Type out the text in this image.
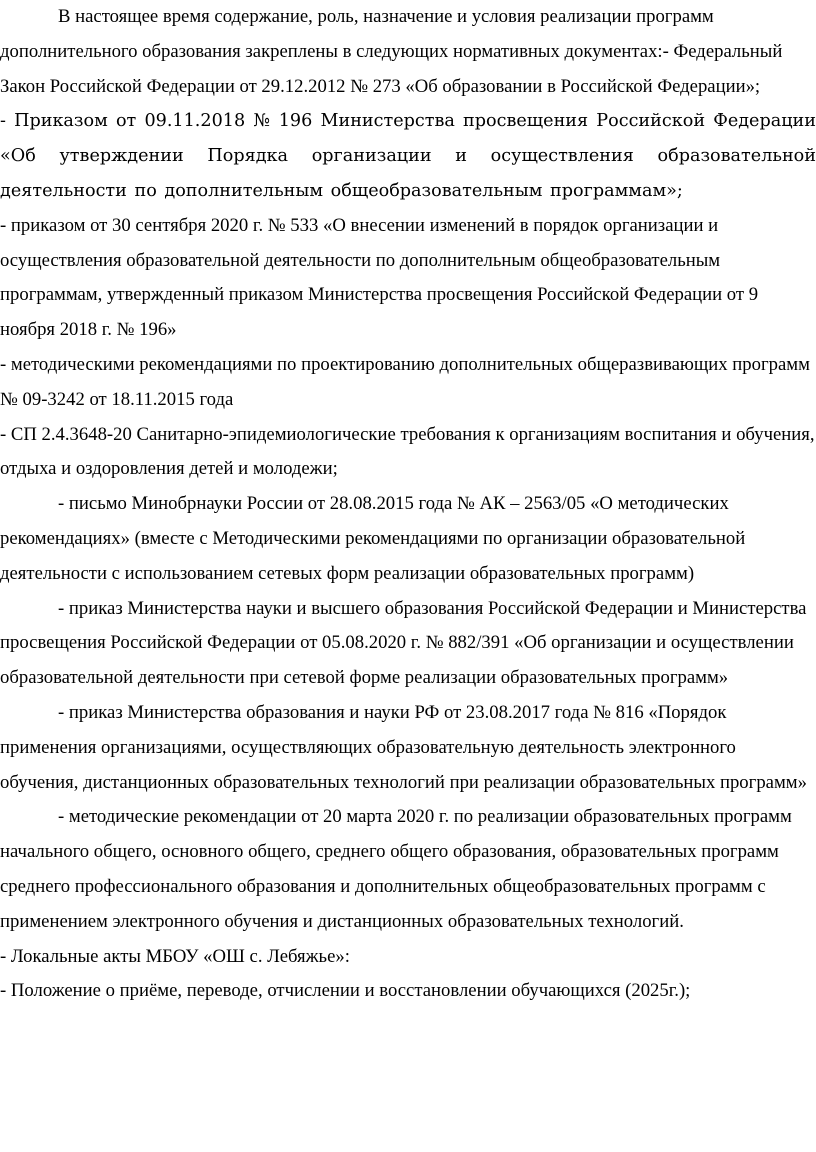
В настоящее время содержание, роль, назначение и условия реализации программ дополнительного образования закреплены в следующих нормативных документах:- Федеральный Закон Российской Федерации от 29.12.2012 № 273 «Об образовании в Российской Федерации»;

- Приказом от 09.11.2018 № 196 Министерства просвещения Российской Федерации «Об утверждении Порядка организации и осуществления образовательной деятельности по дополнительным общеобразовательным программам»;

- приказом от 30 сентября 2020 г. № 533 «О внесении изменений в порядок организации и осуществления образовательной деятельности по дополнительным общеобразовательным программам, утвержденный приказом Министерства просвещения Российской Федерации от 9 ноября 2018 г. № 196»

- методическими рекомендациями по проектированию дополнительных общеразвивающих программ № 09-3242 от 18.11.2015 года

- СП 2.4.3648-20 Санитарно-эпидемиологические требования к организациям воспитания и обучения, отдыха и оздоровления детей и молодежи;

- письмо Минобрнауки России от 28.08.2015 года № АК – 2563/05 «О методических рекомендациях» (вместе с Методическими рекомендациями по организации образовательной деятельности с использованием сетевых форм реализации образовательных программ)

- приказ Министерства науки и высшего образования Российской Федерации и Министерства просвещения Российской Федерации от 05.08.2020 г. № 882/391 «Об организации и осуществлении образовательной деятельности при сетевой форме реализации образовательных программ»

- приказ Министерства образования и науки РФ от 23.08.2017 года № 816 «Порядок применения организациями, осуществляющих образовательную деятельность электронного обучения, дистанционных образовательных технологий при реализации образовательных программ»

- методические рекомендации от 20 марта 2020 г. по реализации образовательных программ начального общего, основного общего, среднего общего образования, образовательных программ среднего профессионального образования и дополнительных общеобразовательных программ с применением электронного обучения и дистанционных образовательных технологий.

- Локальные акты МБОУ «ОШ с. Лебяжье»:

- Положение о приёме, переводе, отчислении и восстановлении обучающихся (2025г.);
